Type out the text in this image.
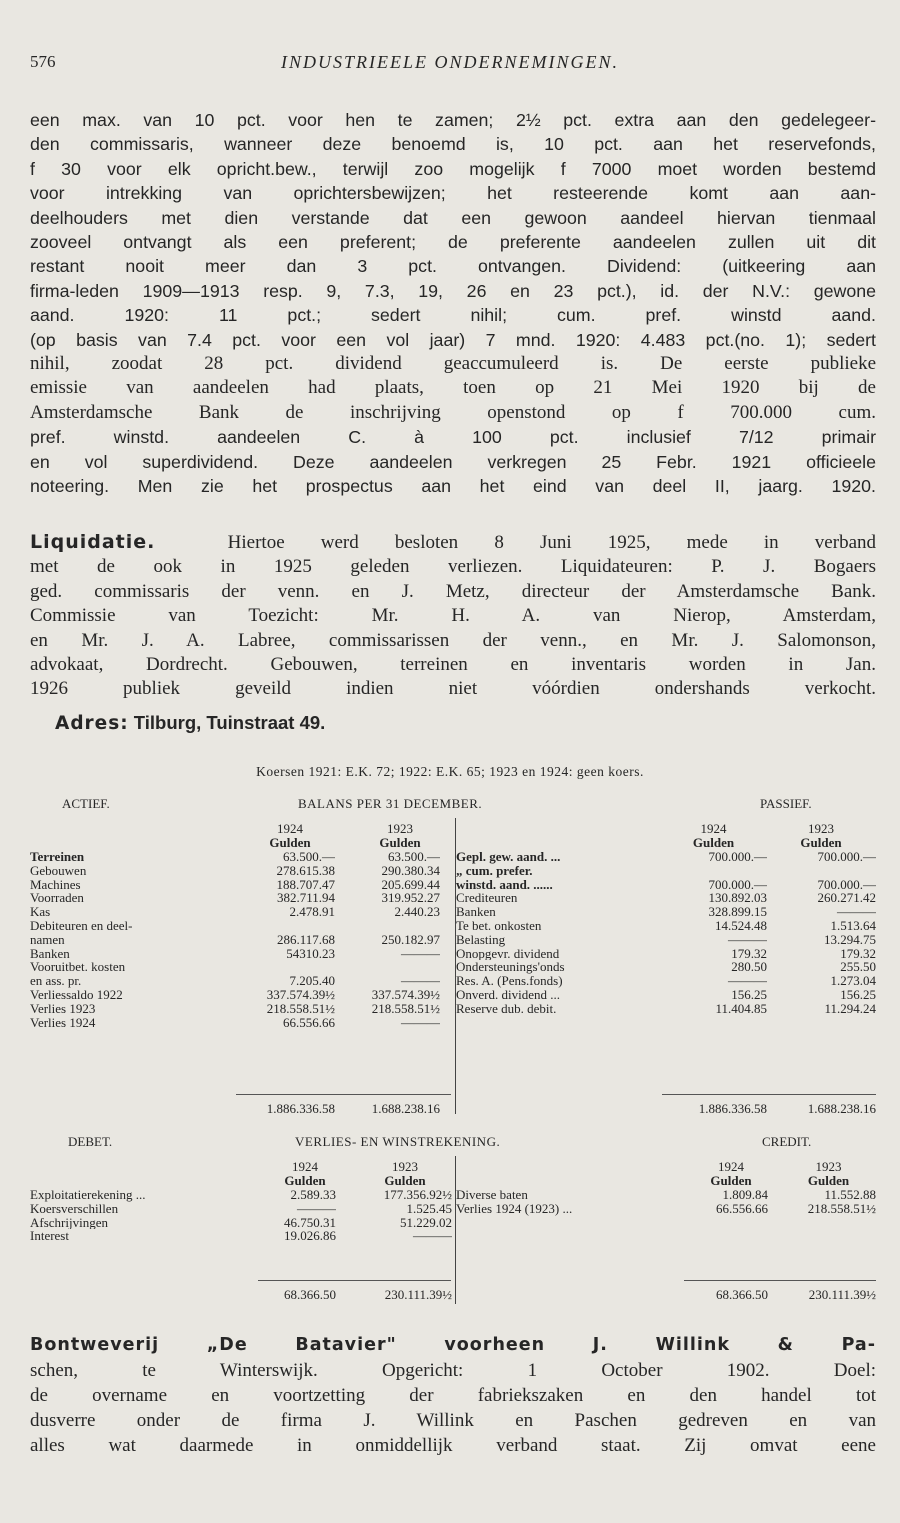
576	INDUSTRIEELE ONDERNEMINGEN.
een max. van 10 pct. voor hen te zamen; 2½ pct. extra aan den gedelegeer-
den commissaris, wanneer deze benoemd is, 10 pct. aan het reservefonds,
f 30 voor elk opricht.bew., terwijl zoo mogelijk f 7000 moet worden bestemd
voor intrekking van oprichtersbewijzen; het resteerende komt aan aan-
deelhouders met dien verstande dat een gewoon aandeel hiervan tienmaal
zooveel ontvangt als een preferent; de preferente aandeelen zullen uit dit
restant nooit meer dan 3 pct. ontvangen. Dividend: (uitkeering aan
firma-leden 1909—1913 resp. 9, 7.3, 19, 26 en 23 pct.), id. der N.V.: gewone
aand. 1920: 11 pct.; sedert nihil; cum. pref. winstd aand.
(op basis van 7.4 pct. voor een vol jaar) 7 mnd. 1920: 4.483 pct.(no. 1); sedert
nihil, zoodat 28 pct. dividend geaccumuleerd is. De eerste publieke
emissie van aandeelen had plaats, toen op 21 Mei 1920 bij de
Amsterdamsche Bank de inschrijving openstond op f 700.000 cum.
pref. winstd. aandeelen C. à 100 pct. inclusief 7/12 primair
en vol superdividend. Deze aandeelen verkregen 25 Febr. 1921 officieele
noteering. Men zie het prospectus aan het eind van deel II, jaarg. 1920.
Liquidatie.	Hiertoe werd besloten 8 Juni 1925, mede in verband
met de ook in 1925 geleden verliezen. Liquidateuren: P. J. Bogaers
ged. commissaris der venn. en J. Metz, directeur der Amsterdamsche Bank.
Commissie van Toezicht: Mr. H. A. van Nierop, Amsterdam,
en Mr. J. A. Labree, commissarissen der venn., en Mr. J. Salomonson,
advokaat, Dordrecht. Gebouwen, terreinen en inventaris worden in Jan.
1926 publiek geveild indien niet vóórdien ondershands verkocht.
Adres: Tilburg, Tuinstraat 49.
Koersen 1921: E.K. 72; 1922: E.K. 65; 1923 en 1924: geen koers.
ACTIEF.	BALANS PER 31 DECEMBER.	PASSIEF.
1924	1923
Gulden	Gulden
Terreinen	63.500.—	63.500.—
Gebouwen	278.615.38	290.380.34
Machines	188.707.47	205.699.44
Voorraden	382.711.94	319.952.27
Kas	2.478.91	2.440.23
Debiteuren en deel-
namen	286.117.68	250.182.97
Banken	54310.23	———
Vooruitbet. kosten
en ass. pr.	7.205.40	———
Verliessaldo 1922	337.574.39½	337.574.39½
Verlies 1923	218.558.51½	218.558.51½
Verlies 1924	66.556.66	———
1924	1923
Gulden	Gulden
Gepl. gew. aand. ...	700.000.—	700.000.—
„ cum. prefer.
winstd. aand. ......	700.000.—	700.000.—
Crediteuren	130.892.03	260.271.42
Banken	328.899.15	———
Te bet. onkosten	14.524.48	1.513.64
Belasting	———	13.294.75
Onopgevr. dividend	179.32	179.32
Ondersteunings'onds	280.50	255.50
Res. A. (Pens.fonds)	———	1.273.04
Onverd. dividend ...	156.25	156.25
Reserve dub. debit.	11.404.85	11.294.24
1.886.336.58	1.688.238.16	1.886.336.58	1.688.238.16
DEBET.	VERLIES- EN WINSTREKENING.	CREDIT.
1924	1923
Gulden	Gulden
Exploitatierekening ...	2.589.33	177.356.92½
Koersverschillen	———	1.525.45
Afschrijvingen	46.750.31	51.229.02
Interest	19.026.86	———
1924	1923
Gulden	Gulden
Diverse baten	1.809.84	11.552.88
Verlies 1924 (1923) ...	66.556.66	218.558.51½
68.366.50	230.111.39½	68.366.50	230.111.39½
Bontweverij „De Batavier" voorheen J. Willink & Pa-
schen, te Winterswijk. Opgericht: 1 October 1902. Doel:
de overname en voortzetting der fabriekszaken en den handel tot
dusverre onder de firma J. Willink en Paschen gedreven en van
alles wat daarmede in onmiddellijk verband staat. Zij omvat eene
